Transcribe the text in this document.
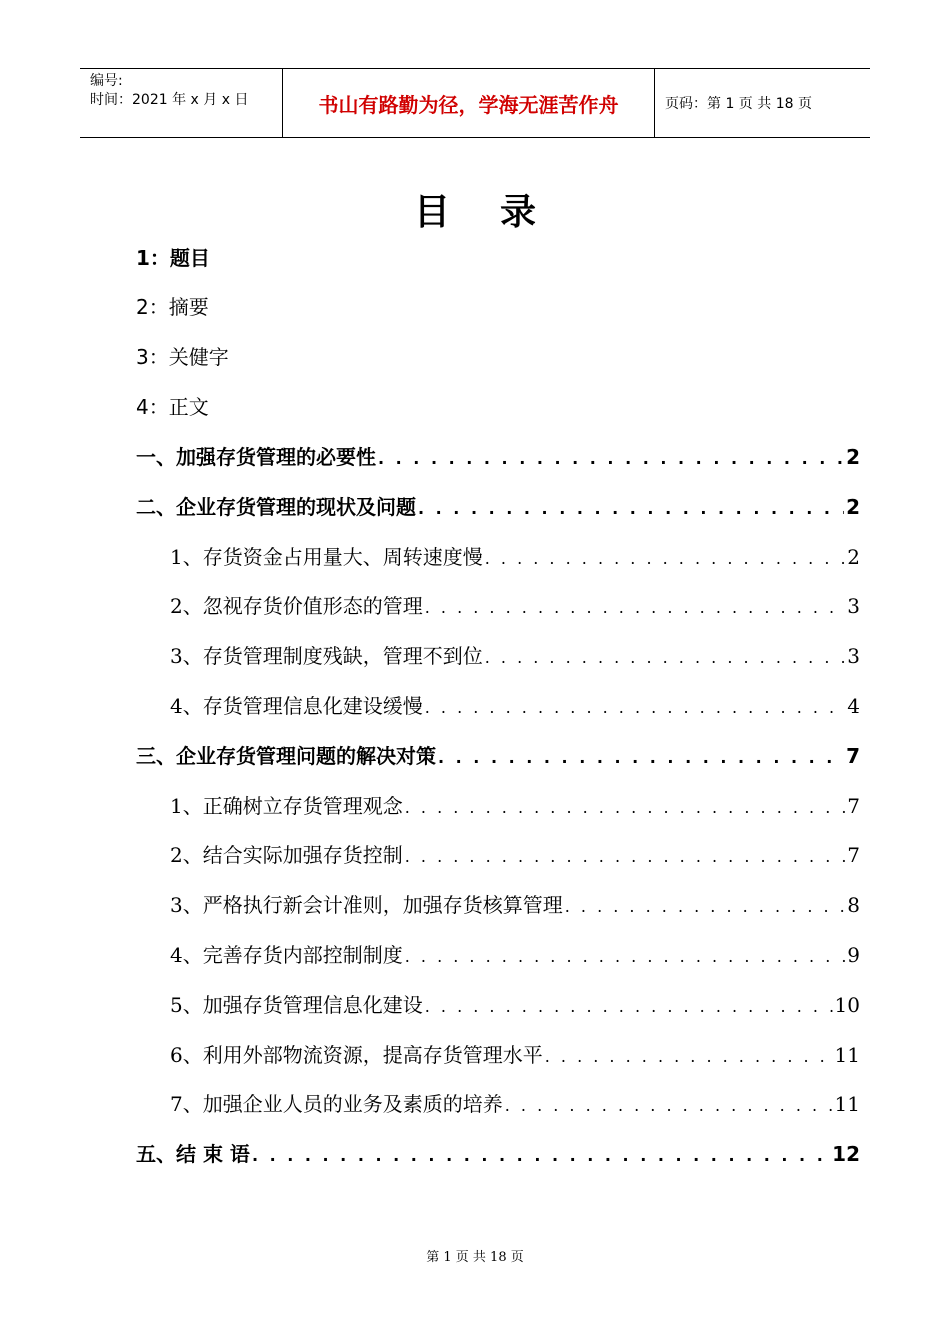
编号:
时间：2021 年 x 月 x 日	书山有路勤为径，学海无涯苦作舟	页码：第 1 页 共 18 页
目录
1：题目
2：摘要
3：关健字
4：正文
一、加强存货管理的必要性 . . .	2
二、企业存货管理的现状及问题 . . .	2
1、存货资金占用量大、周转速度慢 . . .	2
2、忽视存货价值形态的管理 . . .	3
3、存货管理制度残缺，管理不到位 . . .	3
4、存货管理信息化建设缓慢 . . .	4
三、企业存货管理问题的解决对策 . . .	7
1、正确树立存货管理观念 . . .	7
2、结合实际加强存货控制 . . .	7
3、严格执行新会计准则，加强存货核算管理 . . .	8
4、完善存货内部控制制度 . . .	9
5、加强存货管理信息化建设 . . .	10
6、利用外部物流资源，提高存货管理水平 . . .	11
7、加强企业人员的业务及素质的培养 . . .	11
五、结 束 语 . . .	12
第 1 页 共 18 页
